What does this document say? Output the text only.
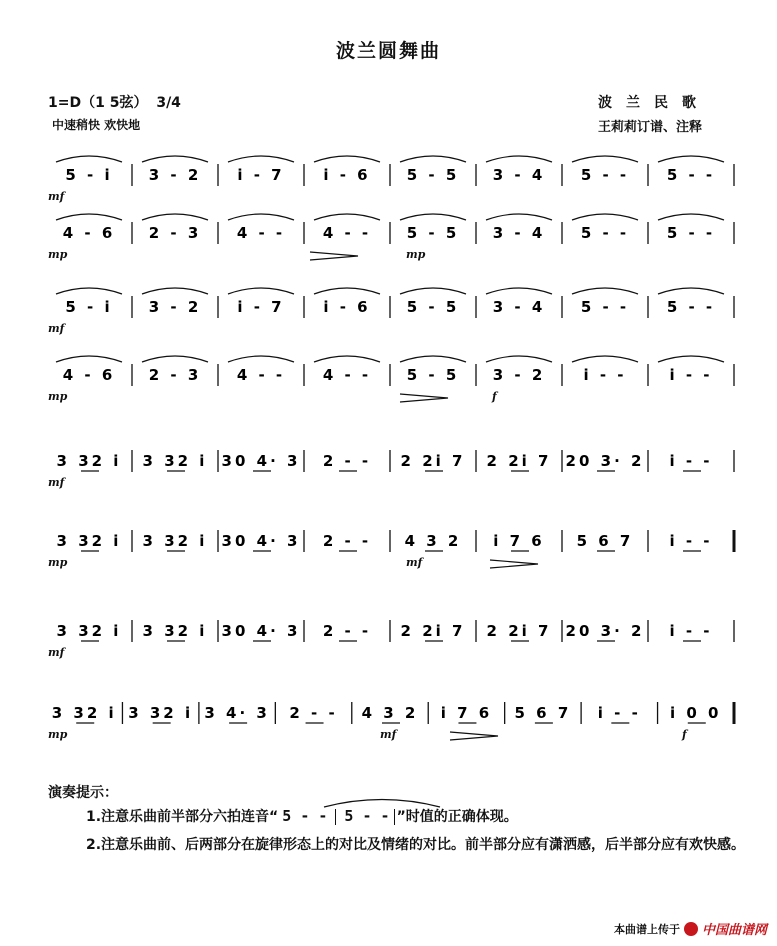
波兰圆舞曲
1=D（1 5弦） 3/4
中速稍快 欢快地
波兰民歌
王莉莉订谱、注释
5 - i 3 - 2 i - 7	i - 6 5 - 5 3 - 4 5 - -	5 - -
mf
4 - 6 2 - 3 4 - -	4 - - 5 - 5 3 - 4 5 - -	5 - -
mp	mp
5 - i 3 - 2 i - 7	i - 6 5 - 5 3 - 4 5 - -	5 - -
mf
4 - 6 2 - 3 4 - -	4 - - 5 - 5 3 - 2	i - -	i - -
mp	f
3 32 i 3 32 i 30 4· 3 2 - - 2 2i 7 2 2i 7 20 3· 2 i - -
mf
3 32 i 3 32 i 30 4· 3 2 - - 4 3 2 i 7 6 5 6 7 i - -
mp	mf
3 32 i 3 32 i 30 4· 3 2 - - 2 2i 7 2 2i 7 20 3· 2 i - -
mf
3 32 i 3 32 i 3 4· 3 2 - - 4 3 2 i 7 6 5 6 7 i - - i 0 0
mp	mf	f
演奏提示：
1.注意乐曲前半部分六拍连音“ 5 - - 5 - - ”时值的正确体现。
2.注意乐曲前、后两部分在旋律形态上的对比及情绪的对比。前半部分应有潇洒感，后半部分应有欢快感。
本曲谱上传于 中国曲谱网
